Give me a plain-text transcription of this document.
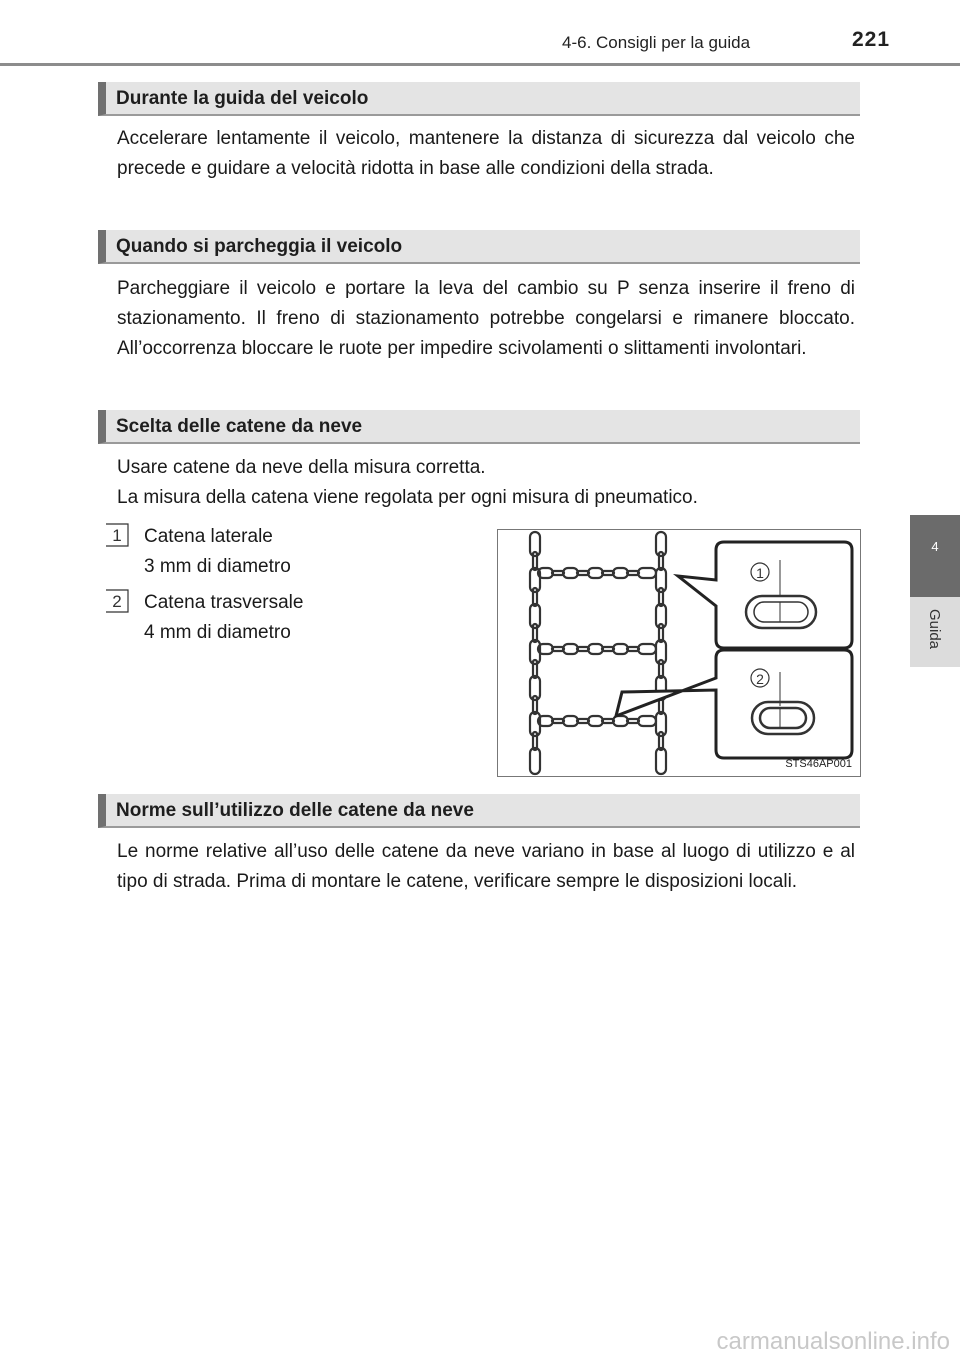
4-6. Consigli per la guida	221
4
Guida
Durante la guida del veicolo
Accelerare lentamente il veicolo, mantenere la distanza di sicurezza dal veicolo che precede e guidare a velocità ridotta in base alle condizioni della strada.
Quando si parcheggia il veicolo
Parcheggiare il veicolo e portare la leva del cambio su P senza inserire il freno di stazionamento. Il freno di stazionamento potrebbe congelarsi e rimanere bloccato. All’occorrenza bloccare le ruote per impedire scivolamenti o slittamenti involontari.
Scelta delle catene da neve
Usare catene da neve della misura corretta.
La misura della catena viene regolata per ogni misura di pneumatico.
1 Catena laterale
3 mm di diametro
2 Catena trasversale
4 mm di diametro
1
2
STS46AP001
Norme sull’utilizzo delle catene da neve
Le norme relative all’uso delle catene da neve variano in base al luogo di utilizzo e al tipo di strada. Prima di montare le catene, verificare sempre le disposizioni locali.
carmanualsonline.info
